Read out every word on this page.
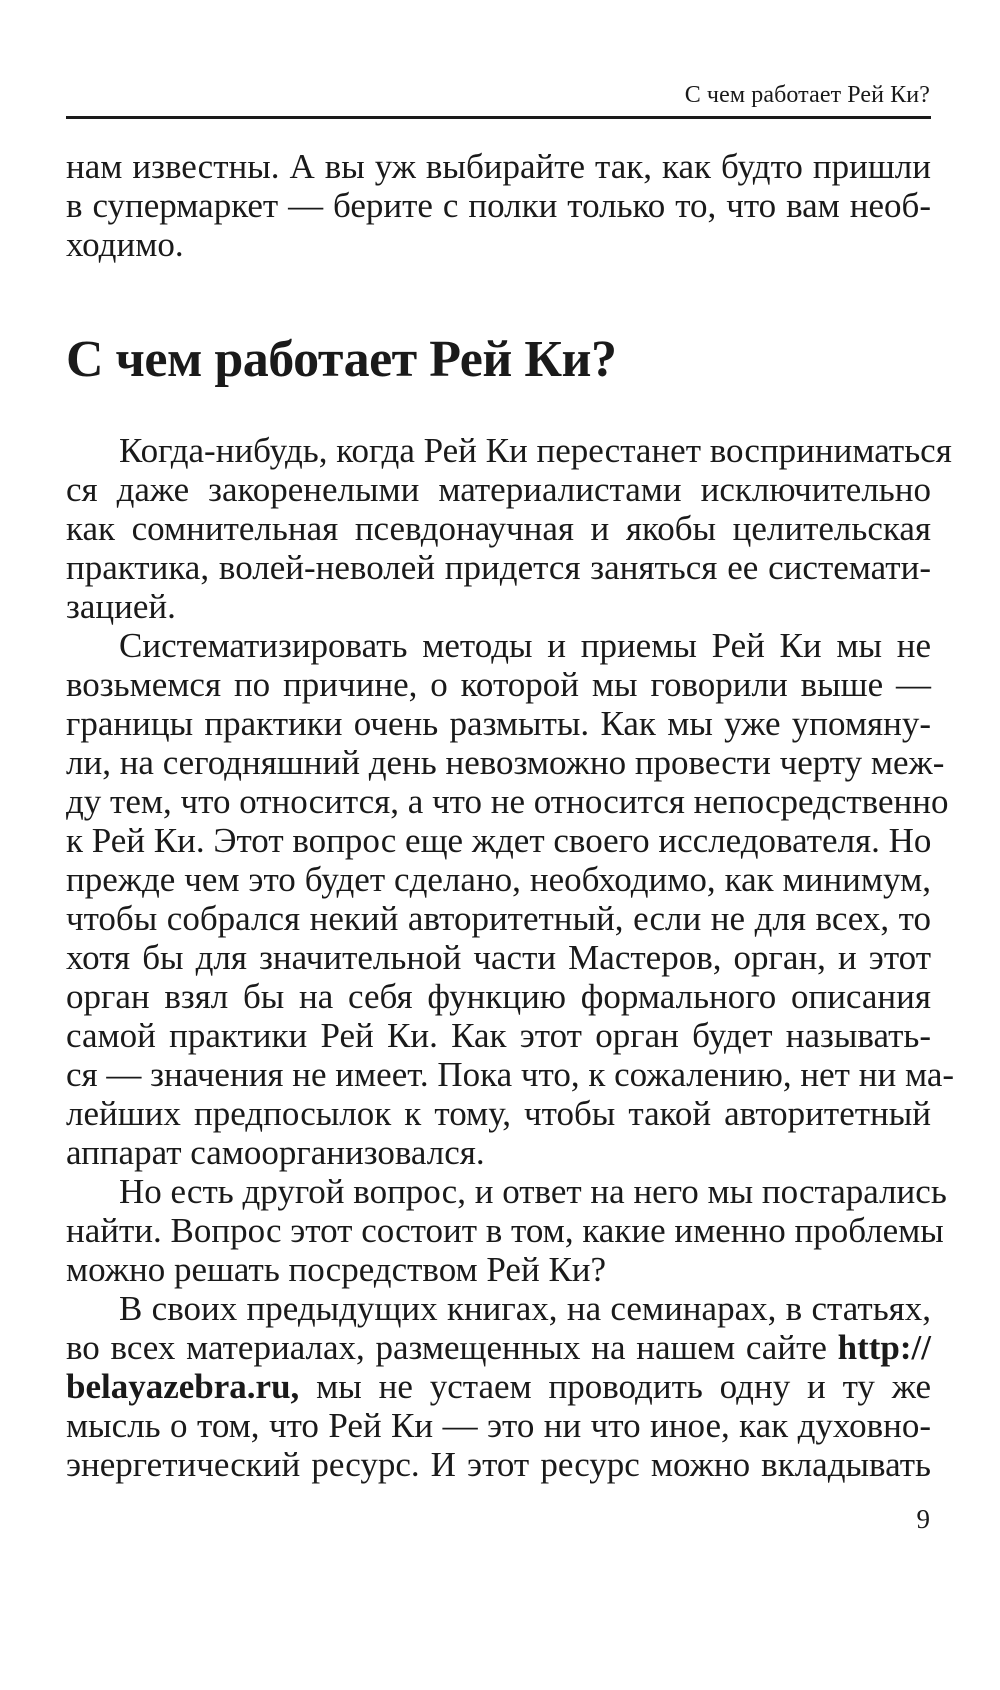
С чем работает Рей Ки?
нам известны. А вы уж выбирайте так, как будто пришли
в супермаркет — берите с полки только то, что вам необ-
ходимо.
С чем работает Рей Ки?
Когда-нибудь, когда Рей Ки перестанет восприниматься
ся даже закоренелыми материалистами исключительно
как сомнительная псевдонаучная и якобы целительская
практика, волей-неволей придется заняться ее системати-
зацией.
Систематизировать методы и приемы Рей Ки мы не
возьмемся по причине, о которой мы говорили выше —
границы практики очень размыты. Как мы уже упомяну-
ли, на сегодняшний день невозможно провести черту меж-
ду тем, что относится, а что не относится непосредственно
к Рей Ки. Этот вопрос еще ждет своего исследователя. Но
прежде чем это будет сделано, необходимо, как минимум,
чтобы собрался некий авторитетный, если не для всех, то
хотя бы для значительной части Мастеров, орган, и этот
орган взял бы на себя функцию формального описания
самой практики Рей Ки. Как этот орган будет называть-
ся — значения не имеет. Пока что, к сожалению, нет ни ма-
лейших предпосылок к тому, чтобы такой авторитетный
аппарат самоорганизовался.
Но есть другой вопрос, и ответ на него мы постарались
найти. Вопрос этот состоит в том, какие именно проблемы
можно решать посредством Рей Ки?
В своих предыдущих книгах, на семинарах, в статьях,
во всех материалах, размещенных на нашем сайте http://
belayazebra.ru, мы не устаем проводить одну и ту же
мысль о том, что Рей Ки — это ни что иное, как духовно-
энергетический ресурс. И этот ресурс можно вкладывать
9
